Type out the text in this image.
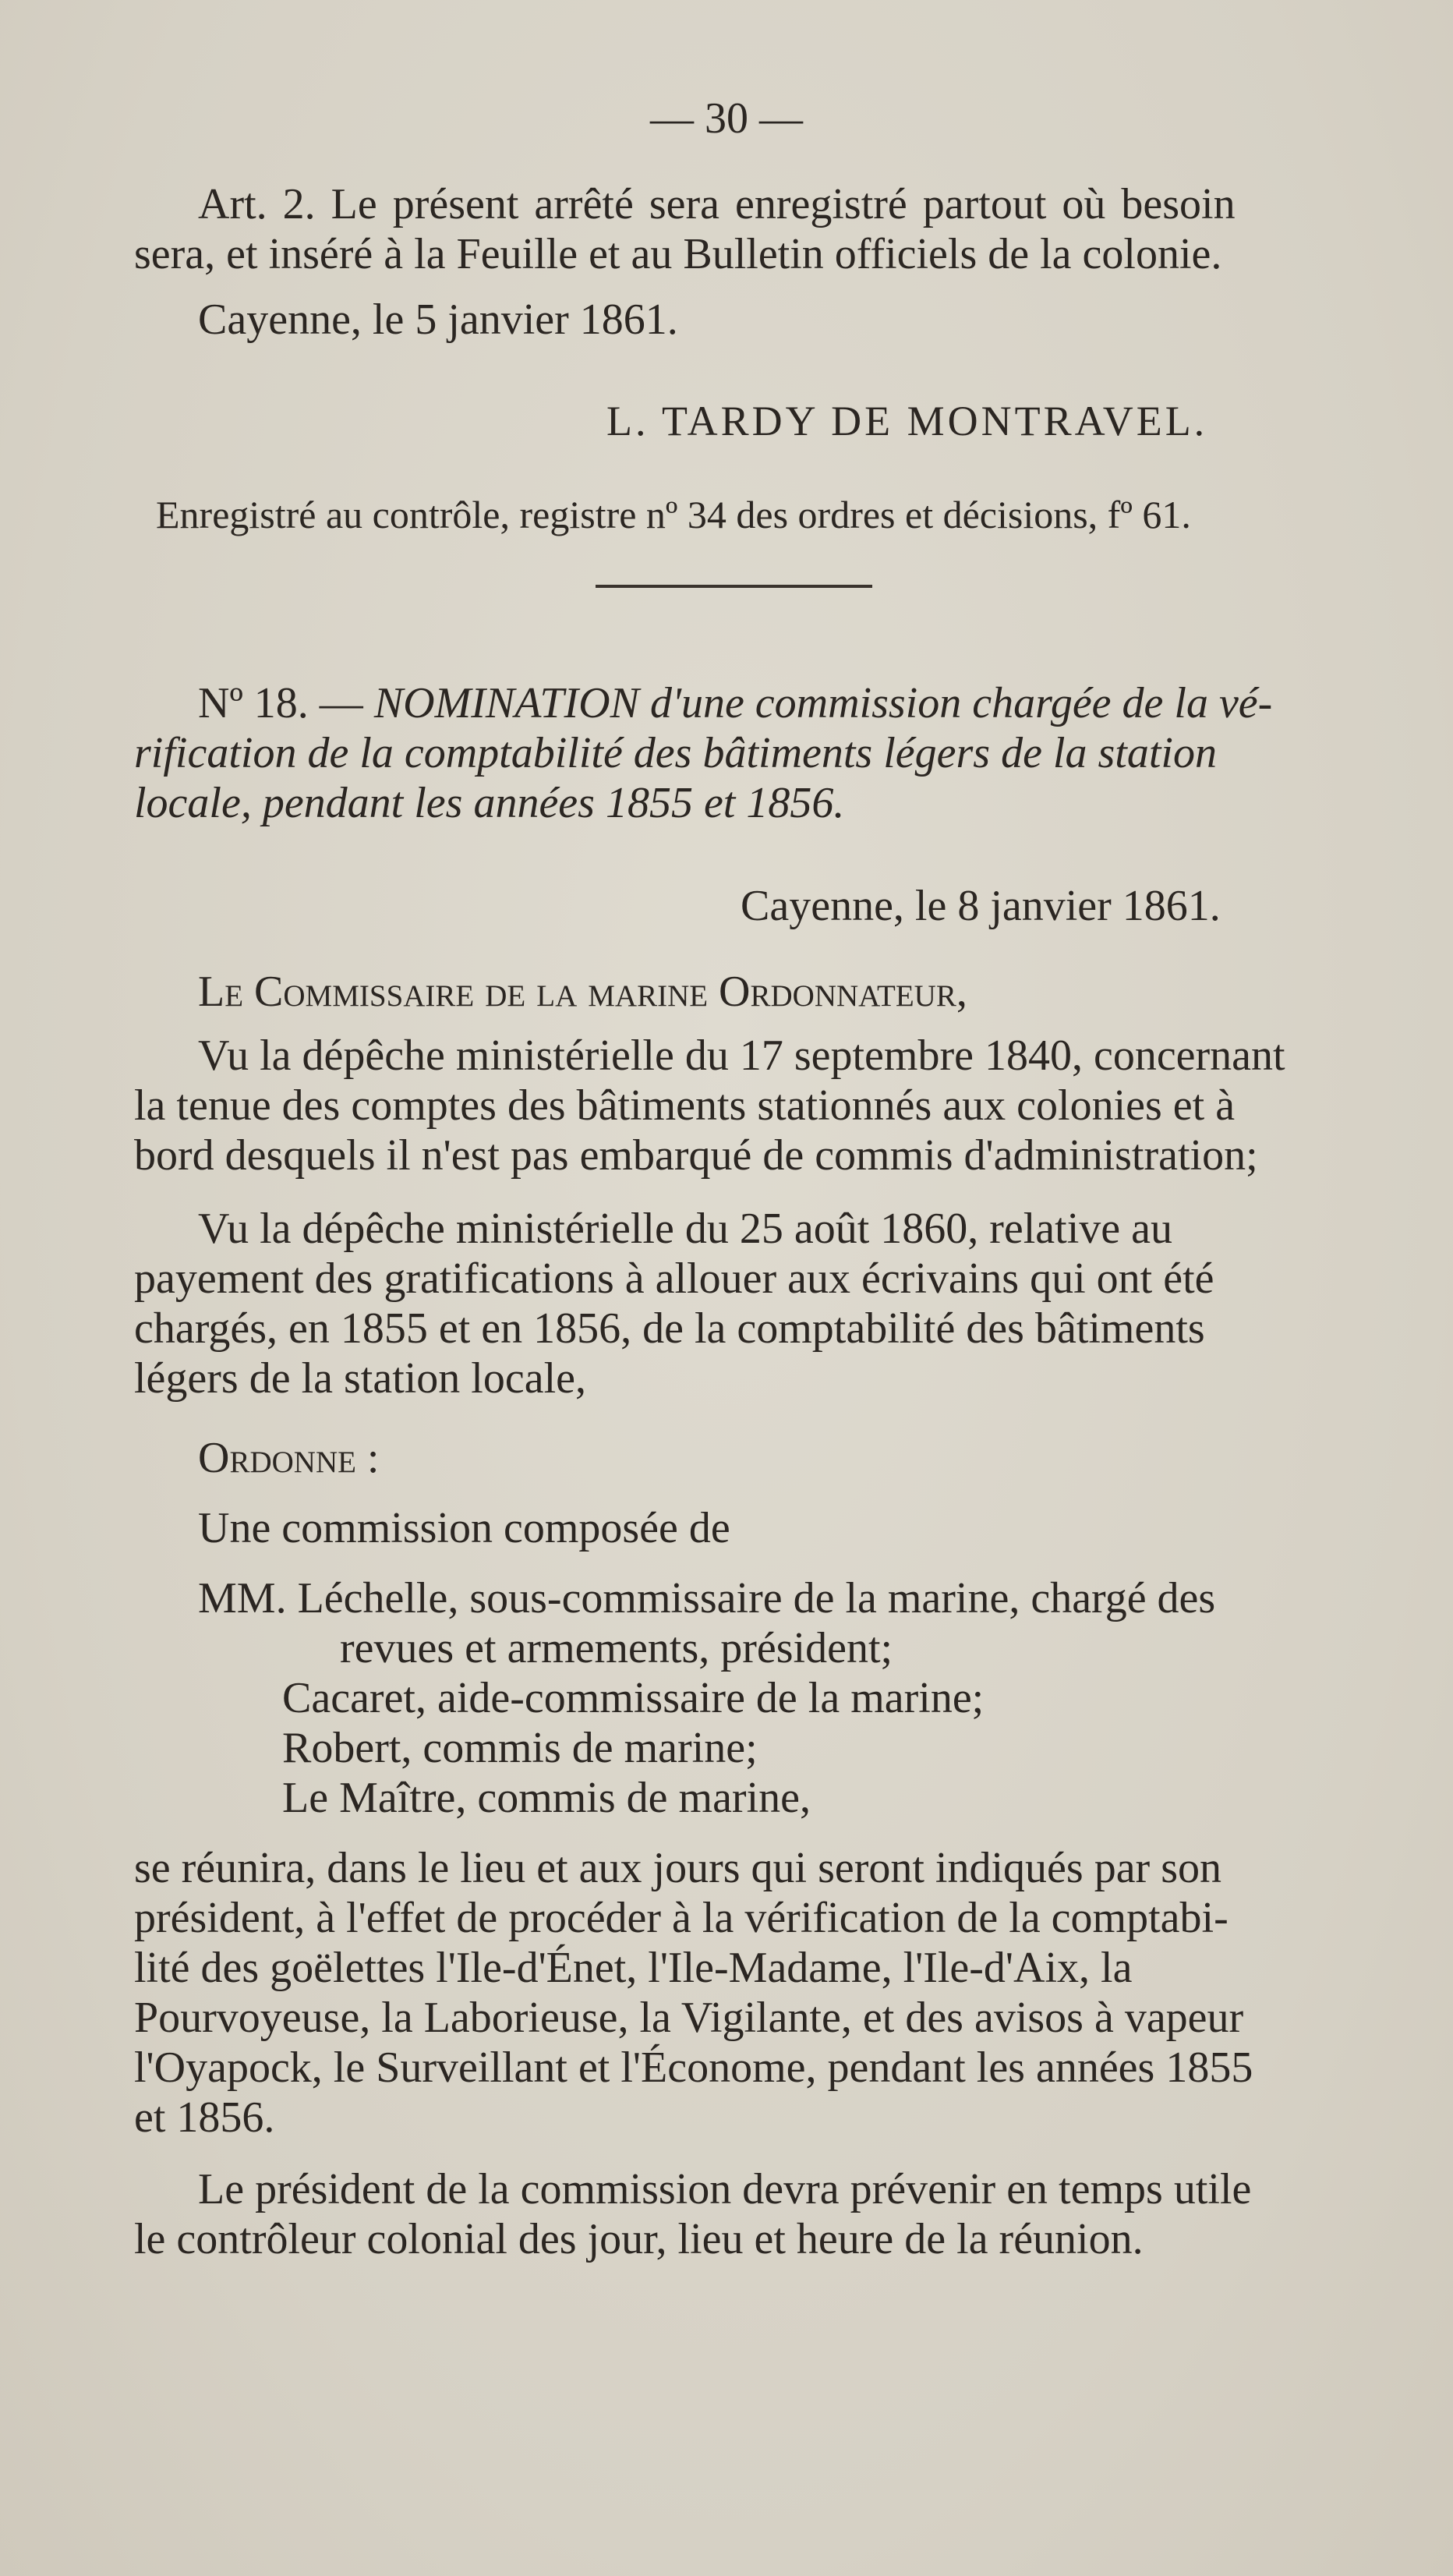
— 30 —
Art. 2. Le présent arrêté sera enregistré partout où besoin
sera, et inséré à la Feuille et au Bulletin officiels de la colonie.
Cayenne, le 5 janvier 1861.
L. TARDY DE MONTRAVEL.
Enregistré au contrôle, registre nº 34 des ordres et décisions, fº 61.
Nº 18. — NOMINATION d'une commission chargée de la vé-
rification de la comptabilité des bâtiments légers de la station
locale, pendant les années 1855 et 1856.
Cayenne, le 8 janvier 1861.
Le Commissaire de la marine Ordonnateur,
Vu la dépêche ministérielle du 17 septembre 1840, concernant
la tenue des comptes des bâtiments stationnés aux colonies et à
bord desquels il n'est pas embarqué de commis d'administration;
Vu la dépêche ministérielle du 25 août 1860, relative au
payement des gratifications à allouer aux écrivains qui ont été
chargés, en 1855 et en 1856, de la comptabilité des bâtiments
légers de la station locale,
Ordonne :
Une commission composée de
MM. Léchelle, sous-commissaire de la marine, chargé des
revues et armements, président;
Cacaret, aide-commissaire de la marine;
Robert, commis de marine;
Le Maître, commis de marine,
se réunira, dans le lieu et aux jours qui seront indiqués par son
président, à l'effet de procéder à la vérification de la comptabi-
lité des goëlettes l'Ile-d'Énet, l'Ile-Madame, l'Ile-d'Aix, la
Pourvoyeuse, la Laborieuse, la Vigilante, et des avisos à vapeur
l'Oyapock, le Surveillant et l'Économe, pendant les années 1855
et 1856.
Le président de la commission devra prévenir en temps utile
le contrôleur colonial des jour, lieu et heure de la réunion.
